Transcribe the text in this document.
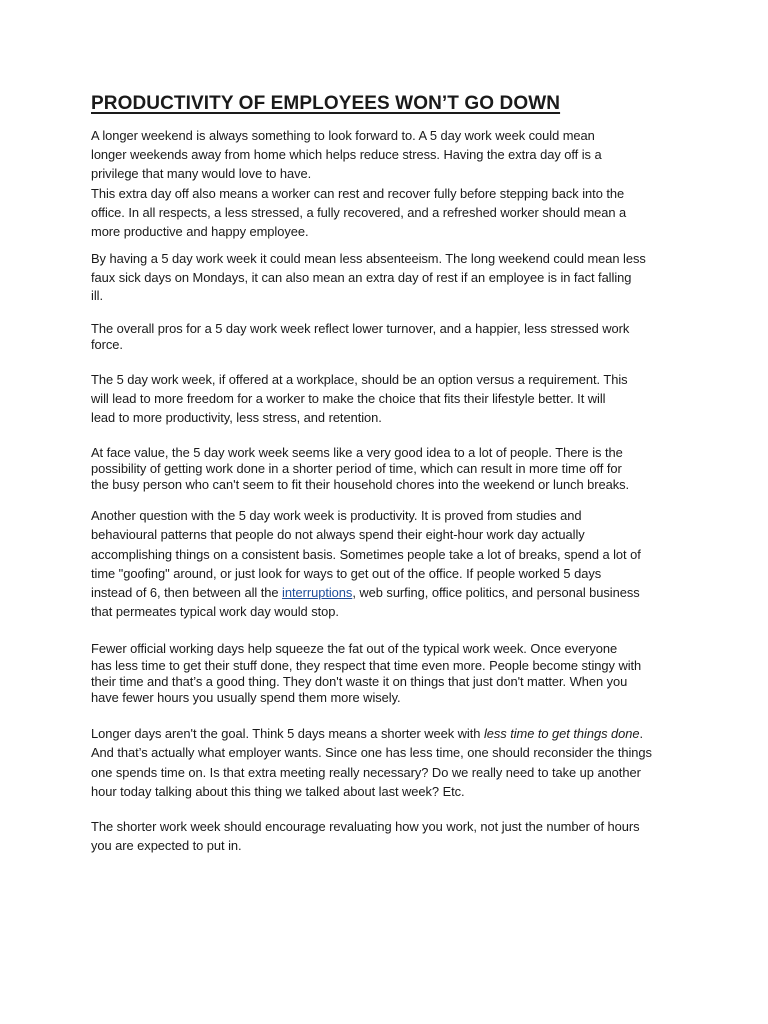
PRODUCTIVITY OF EMPLOYEES WON’T GO DOWN

A longer weekend is always something to look forward to. A 5 day work week could mean
longer weekends away from home which helps reduce stress. Having the extra day off is a
privilege that many would love to have.
This extra day off also means a worker can rest and recover fully before stepping back into the
office. In all respects, a less stressed, a fully recovered, and a refreshed worker should mean a
more productive and happy employee.

By having a 5 day work week it could mean less absenteeism. The long weekend could mean less
faux sick days on Mondays, it can also mean an extra day of rest if an employee is in fact falling
ill.

The overall pros for a 5 day work week reflect lower turnover, and a happier, less stressed work
force.

The 5 day work week, if offered at a workplace, should be an option versus a requirement. This
will lead to more freedom for a worker to make the choice that fits their lifestyle better. It will
lead to more productivity, less stress, and retention.

At face value, the 5 day work week seems like a very good idea to a lot of people. There is the
possibility of getting work done in a shorter period of time, which can result in more time off for
the busy person who can't seem to fit their household chores into the weekend or lunch breaks.

Another question with the 5 day work week is productivity. It is proved from studies and
behavioural patterns that people do not always spend their eight-hour work day actually
accomplishing things on a consistent basis. Sometimes people take a lot of breaks, spend a lot of
time "goofing" around, or just look for ways to get out of the office. If people worked 5 days
instead of 6, then between all the interruptions, web surfing, office politics, and personal business
that permeates typical work day would stop.

Fewer official working days help squeeze the fat out of the typical work week. Once everyone
has less time to get their stuff done, they respect that time even more. People become stingy with
their time and that’s a good thing. They don't waste it on things that just don't matter. When you
have fewer hours you usually spend them more wisely.

Longer days aren't the goal. Think 5 days means a shorter week with less time to get things done.
And that’s actually what employer wants. Since one has less time, one should reconsider the things
one spends time on. Is that extra meeting really necessary? Do we really need to take up another
hour today talking about this thing we talked about last week? Etc.

The shorter work week should encourage revaluating how you work, not just the number of hours
you are expected to put in.
